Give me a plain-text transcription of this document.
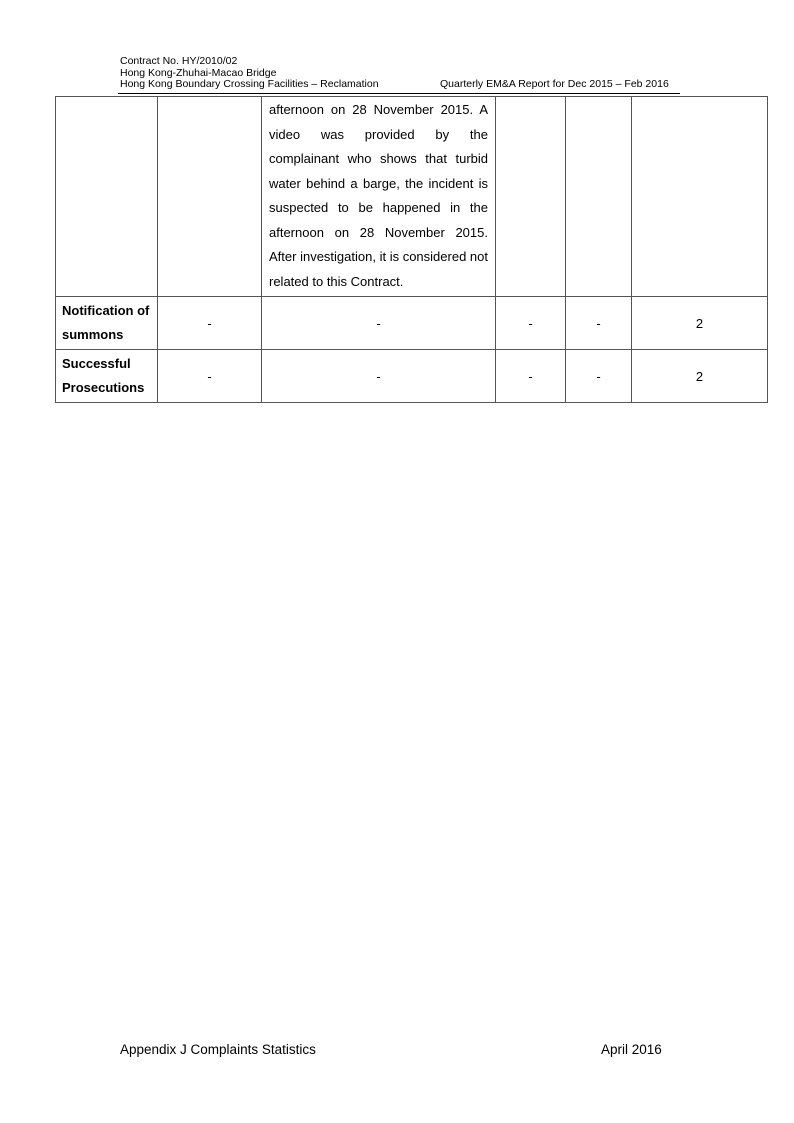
Contract No. HY/2010/02
Hong Kong-Zhuhai-Macao Bridge
Hong Kong Boundary Crossing Facilities – Reclamation	Quarterly EM&A Report for Dec 2015 – Feb 2016

		afternoon on 28 November 2015. A video was provided by the complainant who shows that turbid water behind a barge, the incident is suspected to be happened in the afternoon on 28 November 2015. After investigation, it is considered not related to this Contract.			

Notification of summons	-	-	-	-	2
Successful Prosecutions	-	-	-	-	2
Appendix J Complaints Statistics	April 2016
